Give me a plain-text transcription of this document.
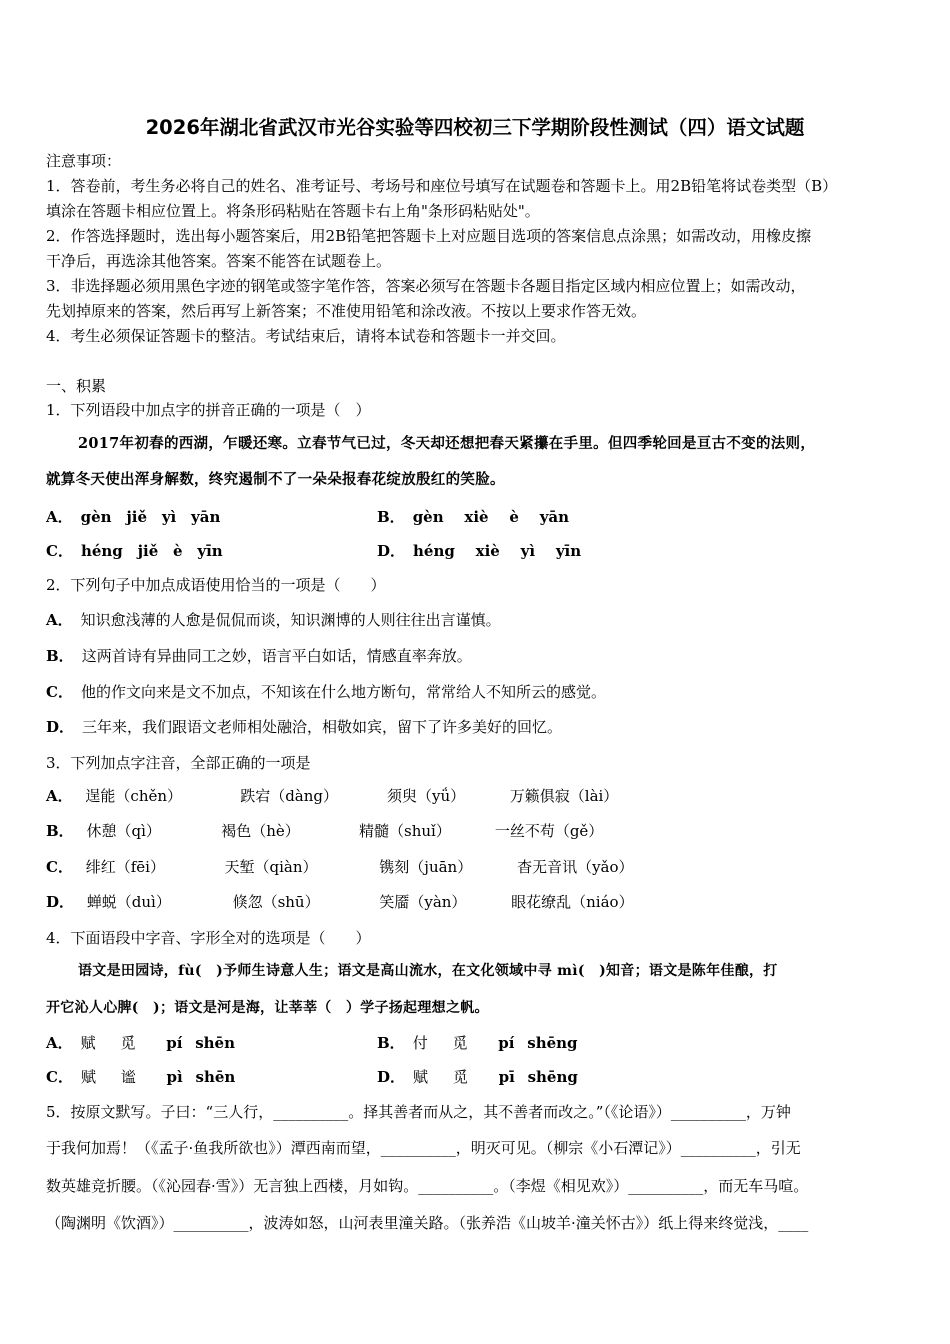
2026年湖北省武汉市光谷实验等四校初三下学期阶段性测试（四）语文试题
注意事项：
1．答卷前，考生务必将自己的姓名、准考证号、考场号和座位号填写在试题卷和答题卡上。用2B铅笔将试卷类型（B）
填涂在答题卡相应位置上。将条形码粘贴在答题卡右上角"条形码粘贴处"。
2．作答选择题时，选出每小题答案后，用2B铅笔把答题卡上对应题目选项的答案信息点涂黑；如需改动，用橡皮擦
干净后，再选涂其他答案。答案不能答在试题卷上。
3．非选择题必须用黑色字迹的钢笔或签字笔作答，答案必须写在答题卡各题目指定区域内相应位置上；如需改动，
先划掉原来的答案，然后再写上新答案；不准使用铅笔和涂改液。不按以上要求作答无效。
4．考生必须保证答题卡的整洁。考试结束后，请将本试卷和答题卡一并交回。
一、积累
1．下列语段中加点字的拼音正确的一项是（　）
2017年初春的西湖，乍暖还寒。立春节气已过，冬天却还想把春天紧攥在手里。但四季轮回是亘古不变的法则，
就算冬天使出浑身解数，终究遏制不了一朵朵报春花绽放殷红的笑脸。
A． gèn jiě yì yān	B． gèn xiè è yān
C． héng jiě è yīn	D． héng xiè yì yīn
2．下列句子中加点成语使用恰当的一项是（　　）
A． 知识愈浅薄的人愈是侃侃而谈，知识渊博的人则往往出言谨慎。
B． 这两首诗有异曲同工之妙，语言平白如话，情感直率奔放。
C． 他的作文向来是文不加点，不知该在什么地方断句，常常给人不知所云的感觉。
D． 三年来，我们跟语文老师相处融洽，相敬如宾，留下了许多美好的回忆。
3．下列加点字注音，全部正确的一项是
A． 逞能（chěn）	跌宕（dàng）	须臾（yǘ）	万籁俱寂（lài）
B． 休憩（qì）	褐色（hè）	精髓（shuǐ）	一丝不苟（gě）
C． 绯红（fēi）	天堑（qiàn）	镌刻（juān）	杳无音讯（yǎo）
D． 蝉蜕（duì）	倏忽（shū）	笑靥（yàn）	眼花缭乱（niáo）
4．下面语段中字音、字形全对的选项是（　　）
语文是田园诗，fù(　)予师生诗意人生；语文是高山流水，在文化领域中寻 mì(　)知音；语文是陈年佳酿，打
开它沁人心脾(　)；语文是河是海，让莘莘（　）学子扬起理想之帆。
A． 赋 觅 pí shēn	B． 付 觅 pí shēng
C． 赋 谧 pì shēn	D． 赋 觅 pī shēng
5．按原文默写。子曰：“三人行，__________。择其善者而从之，其不善者而改之。”（《论语》）__________，万钟
于我何加焉！（《孟子·鱼我所欲也》）潭西南而望，__________，明灭可见。（柳宗《小石潭记》）__________，引无
数英雄竞折腰。（《沁园春·雪》）无言独上西楼，月如钩。__________。（李煜《相见欢》）__________，而无车马喧。
（陶渊明《饮酒》）__________，波涛如怒，山河表里潼关路。（张养浩《山坡羊·潼关怀古》）纸上得来终觉浅，____
